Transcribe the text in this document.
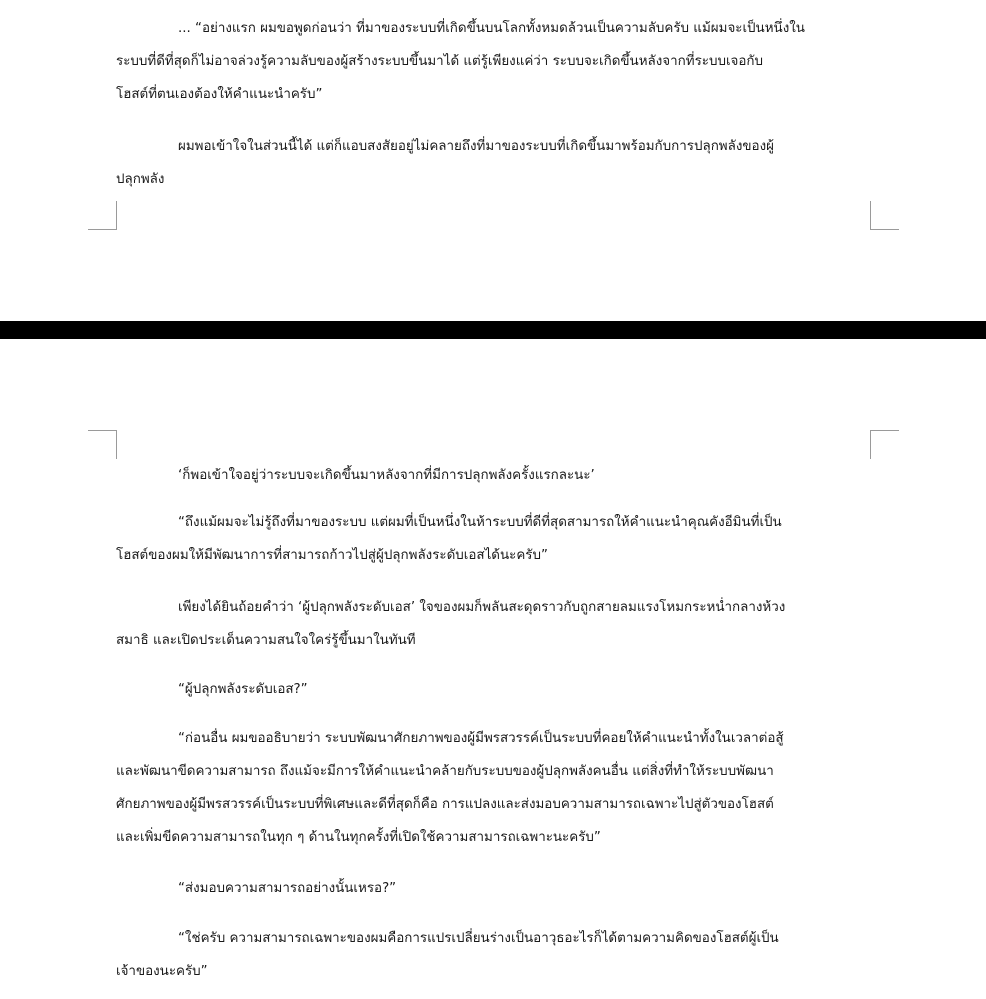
... “อย่างแรก ผมขอพูดก่อนว่า ที่มาของระบบที่เกิดขึ้นบนโลกทั้งหมดล้วนเป็นความลับครับ แม้ผมจะเป็นหนึ่งใน
ระบบที่ดีที่สุดก็ไม่อาจล่วงรู้ความลับของผู้สร้างระบบขึ้นมาได้ แต่รู้เพียงแค่ว่า ระบบจะเกิดขึ้นหลังจากที่ระบบเจอกับ
โฮสต์ที่ตนเองต้องให้คำแนะนำครับ”

ผมพอเข้าใจในส่วนนี้ได้ แต่ก็แอบสงสัยอยู่ไม่คลายถึงที่มาของระบบที่เกิดขึ้นมาพร้อมกับการปลุกพลังของผู้
ปลุกพลัง

‘ก็พอเข้าใจอยู่ว่าระบบจะเกิดขึ้นมาหลังจากที่มีการปลุกพลังครั้งแรกละนะ’

“ถึงแม้ผมจะไม่รู้ถึงที่มาของระบบ แต่ผมที่เป็นหนึ่งในห้าระบบที่ดีที่สุดสามารถให้คำแนะนำคุณคังอีมินที่เป็น
โฮสต์ของผมให้มีพัฒนาการที่สามารถก้าวไปสู่ผู้ปลุกพลังระดับเอสได้นะครับ”

เพียงได้ยินถ้อยคำว่า ‘ผู้ปลุกพลังระดับเอส’ ใจของผมก็พลันสะดุดราวกับถูกสายลมแรงโหมกระหน่ำกลางห้วง
สมาธิ และเปิดประเด็นความสนใจใคร่รู้ขึ้นมาในทันที

“ผู้ปลุกพลังระดับเอส?”

“ก่อนอื่น ผมขออธิบายว่า ระบบพัฒนาศักยภาพของผู้มีพรสวรรค์เป็นระบบที่คอยให้คำแนะนำทั้งในเวลาต่อสู้
และพัฒนาขีดความสามารถ ถึงแม้จะมีการให้คำแนะนำคล้ายกับระบบของผู้ปลุกพลังคนอื่น แต่สิ่งที่ทำให้ระบบพัฒนา
ศักยภาพของผู้มีพรสวรรค์เป็นระบบที่พิเศษและดีที่สุดก็คือ การแปลงและส่งมอบความสามารถเฉพาะไปสู่ตัวของโฮสต์
และเพิ่มขีดความสามารถในทุก ๆ ด้านในทุกครั้งที่เปิดใช้ความสามารถเฉพาะนะครับ”

“ส่งมอบความสามารถอย่างนั้นเหรอ?”

“ใช่ครับ ความสามารถเฉพาะของผมคือการแปรเปลี่ยนร่างเป็นอาวุธอะไรก็ได้ตามความคิดของโฮสต์ผู้เป็น
เจ้าของนะครับ”
